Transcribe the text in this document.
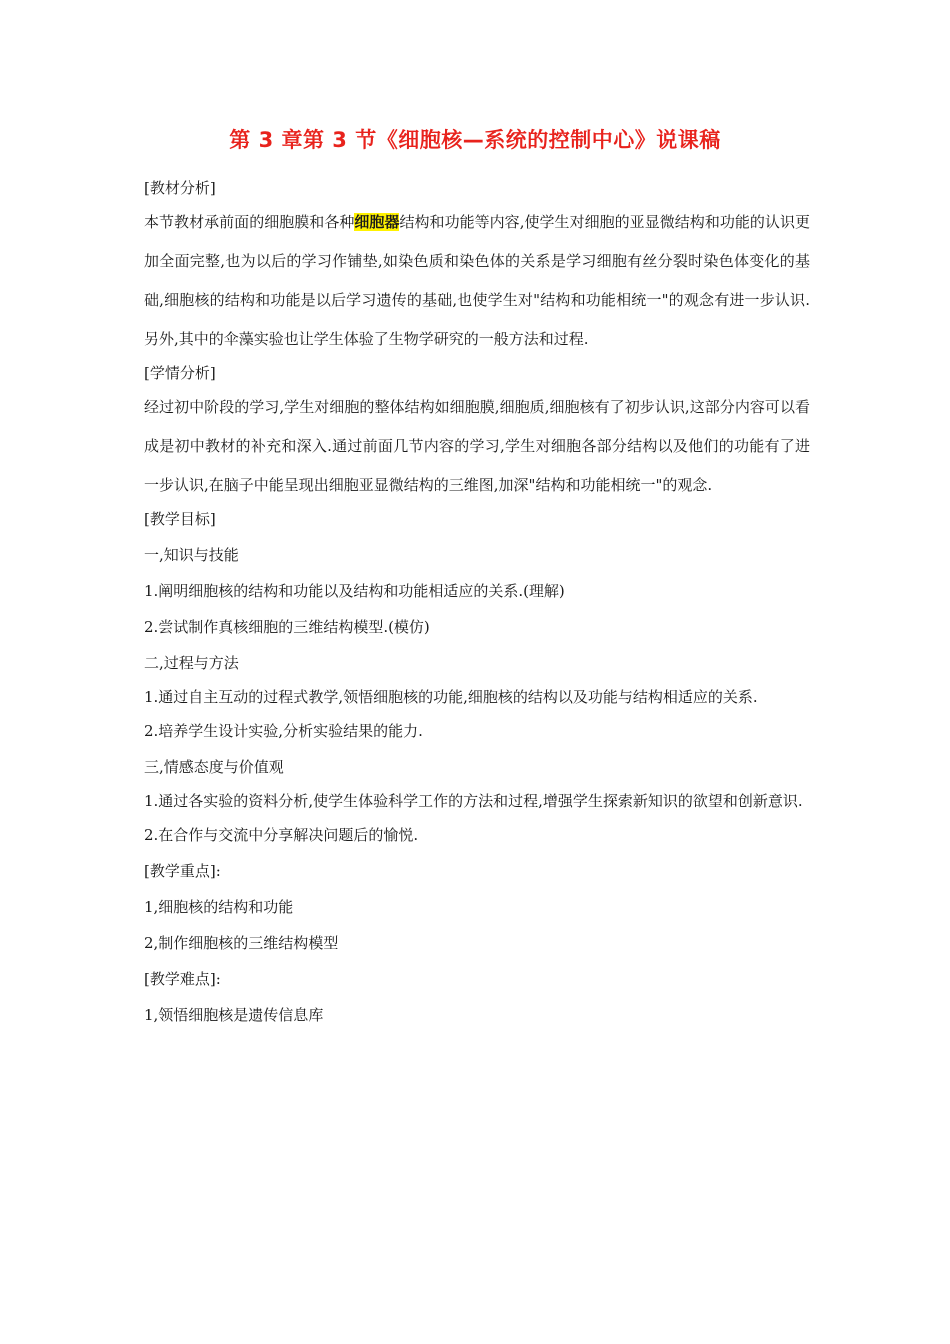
第 3 章第 3 节《细胞核—系统的控制中心》说课稿

[教材分析]

本节教材承前面的细胞膜和各种细胞器结构和功能等内容,使学生对细胞的亚显微结构和功能的认识更加全面完整,也为以后的学习作铺垫,如染色质和染色体的关系是学习细胞有丝分裂时染色体变化的基础,细胞核的结构和功能是以后学习遗传的基础,也使学生对"结构和功能相统一"的观念有进一步认识.另外,其中的伞藻实验也让学生体验了生物学研究的一般方法和过程.

[学情分析]

经过初中阶段的学习,学生对细胞的整体结构如细胞膜,细胞质,细胞核有了初步认识,这部分内容可以看成是初中教材的补充和深入.通过前面几节内容的学习,学生对细胞各部分结构以及他们的功能有了进一步认识,在脑子中能呈现出细胞亚显微结构的三维图,加深"结构和功能相统一"的观念.

[教学目标]

一,知识与技能

1.阐明细胞核的结构和功能以及结构和功能相适应的关系.(理解)

2.尝试制作真核细胞的三维结构模型.(模仿)

二,过程与方法

1.通过自主互动的过程式教学,领悟细胞核的功能,细胞核的结构以及功能与结构相适应的关系.

2.培养学生设计实验,分析实验结果的能力.

三,情感态度与价值观

1.通过各实验的资料分析,使学生体验科学工作的方法和过程,增强学生探索新知识的欲望和创新意识.

2.在合作与交流中分享解决问题后的愉悦.

[教学重点]:

1,细胞核的结构和功能

2,制作细胞核的三维结构模型

[教学难点]:

1,领悟细胞核是遗传信息库
